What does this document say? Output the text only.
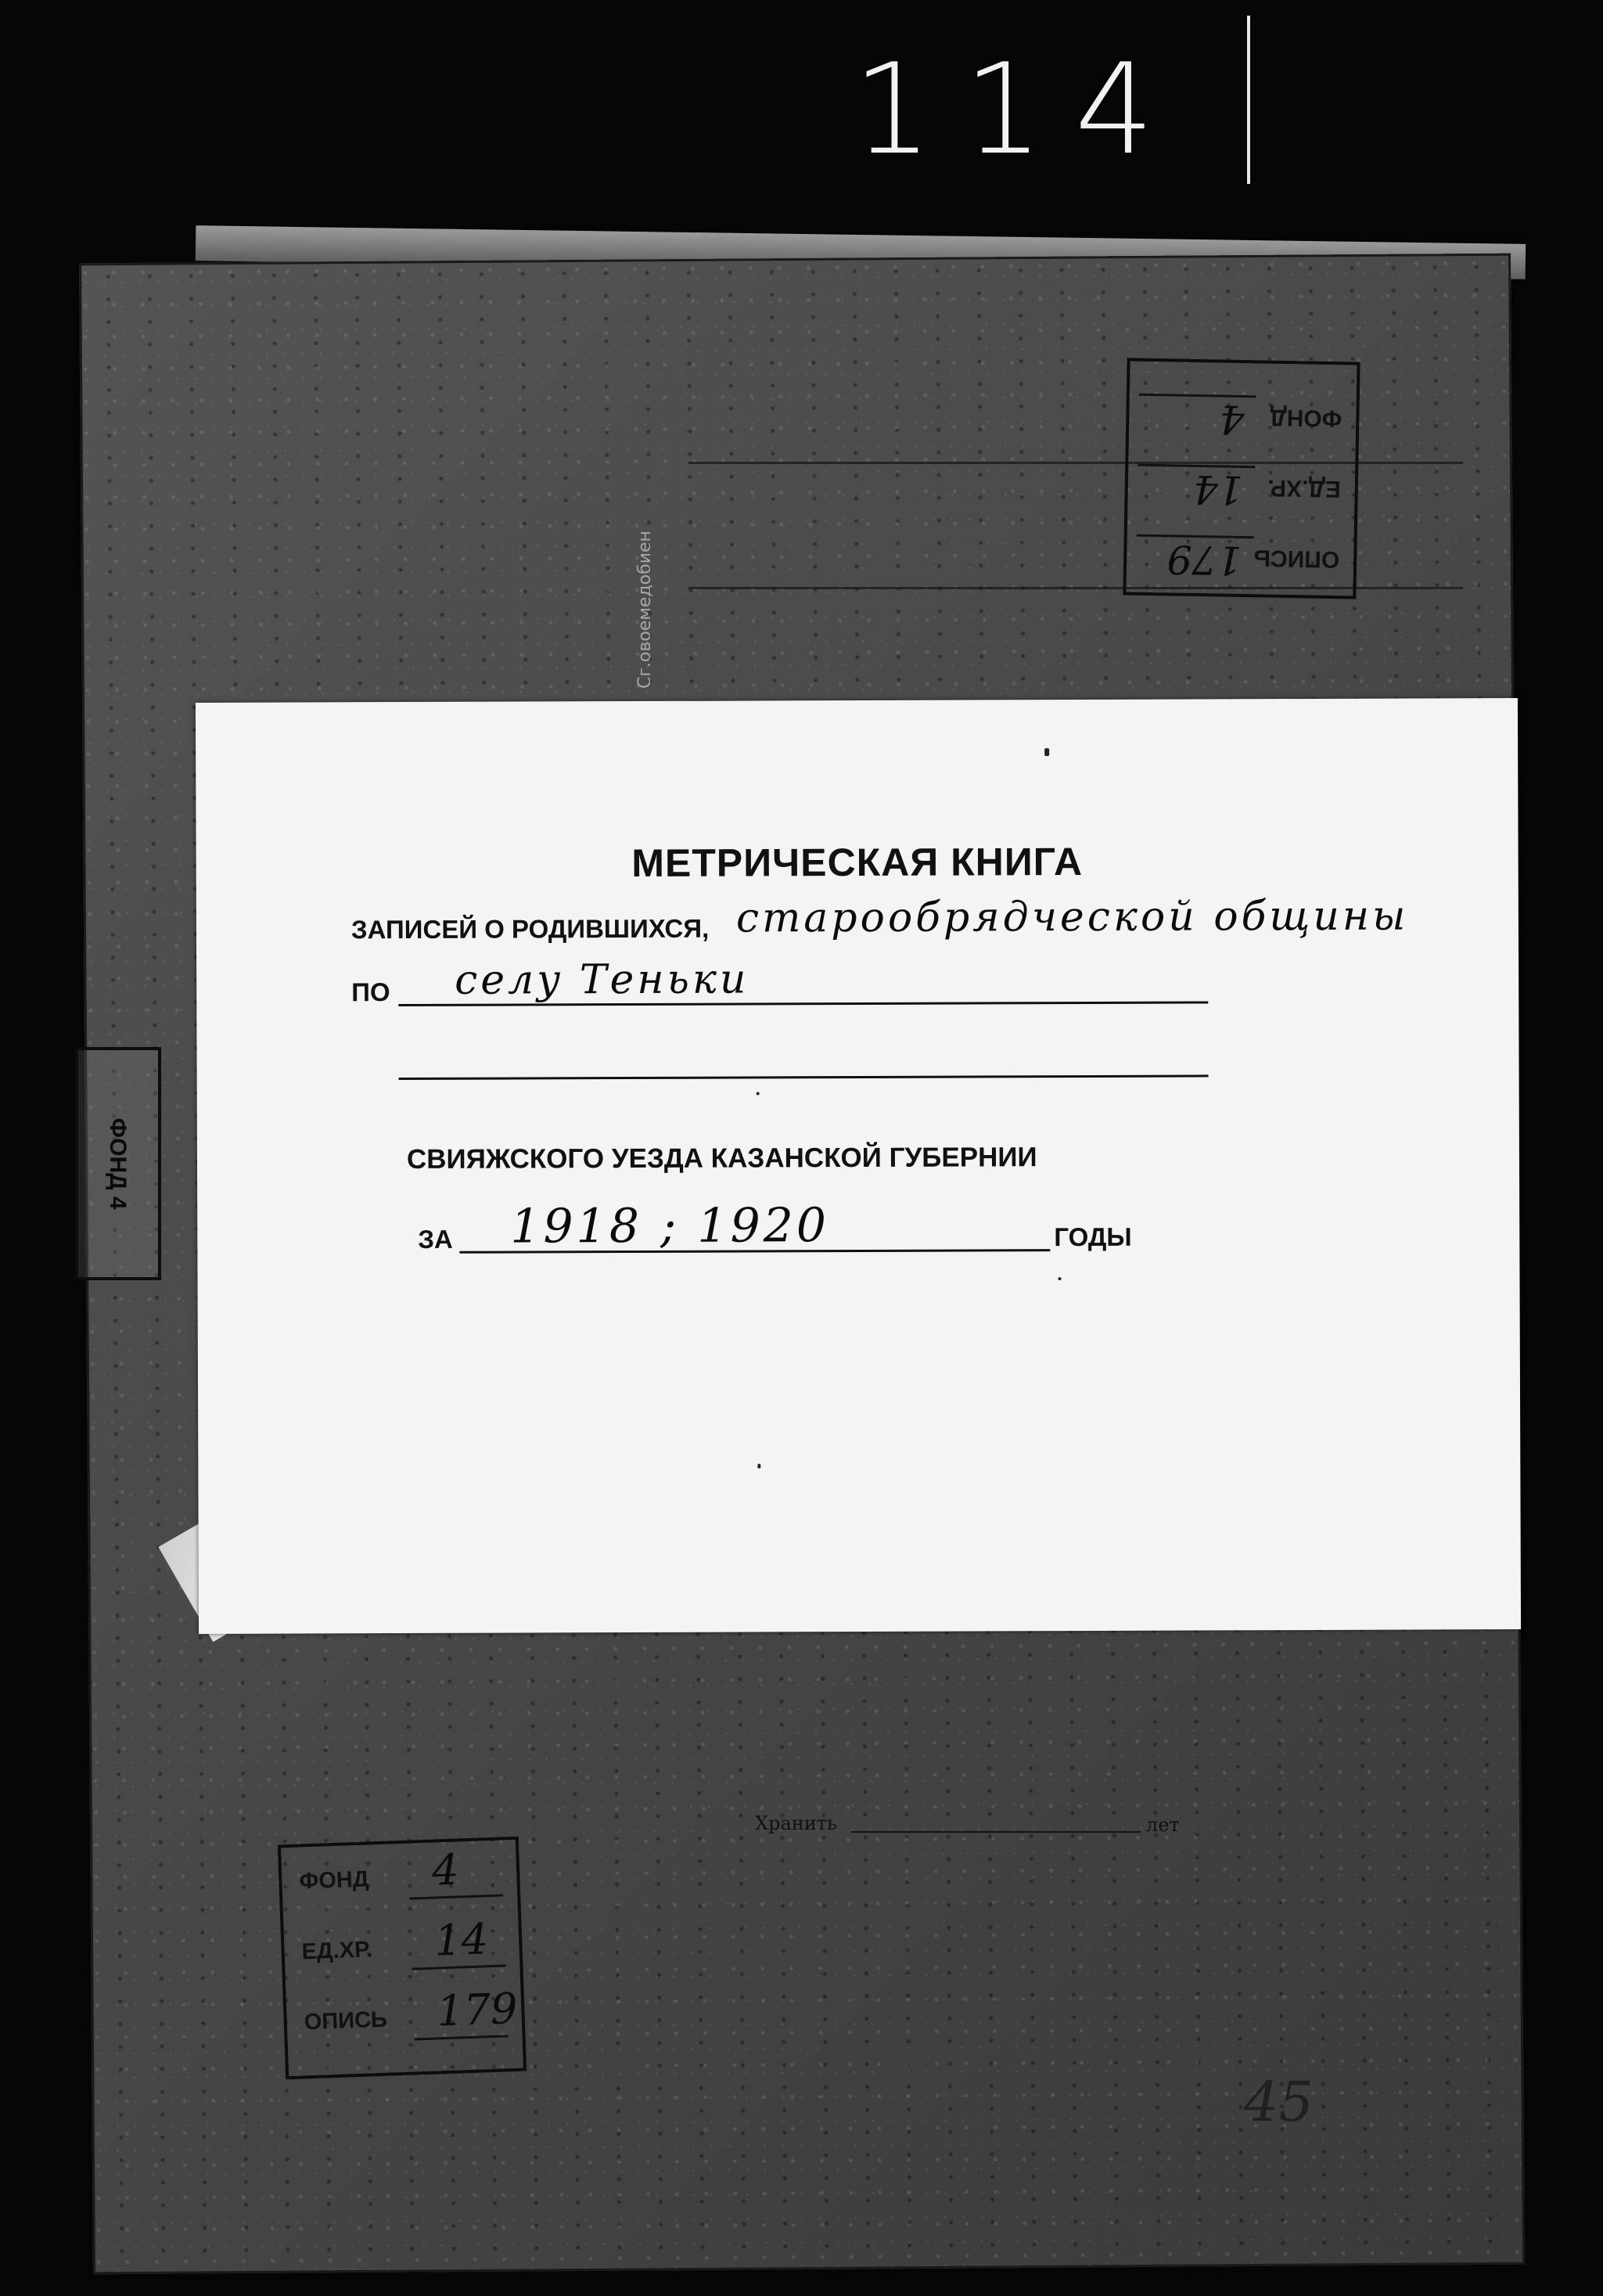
114
Сг.овоемедобиен	ОПИСЬ
179
ЕД.ХР.
14
ФОНД
4
ФОНД 4
МЕТРИЧЕСКАЯ КНИГА
ЗАПИСЕЙ О РОДИВШИХСЯ, старообрядческой общины
ПО селу Теньки
СВИЯЖСКОГО УЕЗДА КАЗАНСКОЙ ГУБЕРНИИ
ЗА 1918 ; 1920	ГОДЫ
Хранить	лет
ФОНД 4
ЕД.ХР. 14
ОПИСЬ 179
45
